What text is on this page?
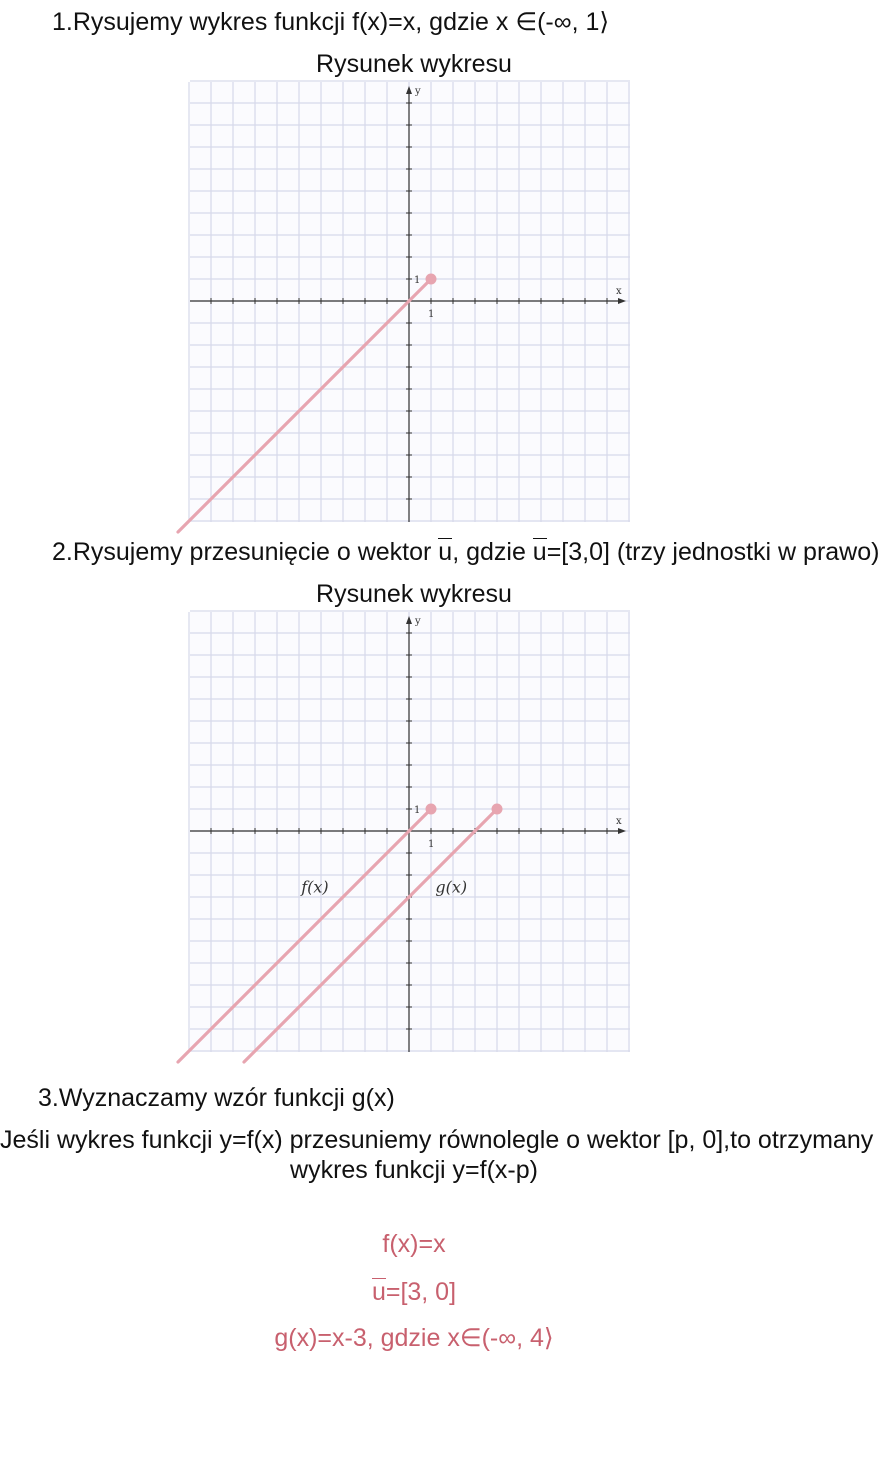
1.Rysujemy wykres funkcji f(x)=x, gdzie x ∈(-∞, 1⟩
Rysunek wykresu
x
y
1
1
2.Rysujemy przesunięcie o wektor u, gdzie u=[3,0] (trzy jednostki w prawo)
Rysunek wykresu
x
y
1
1
f(x)	g(x)
3.Wyznaczamy wzór funkcji g(x)
Jeśli wykres funkcji y=f(x) przesuniemy równolegle o wektor [p, 0],to otrzymany
wykres funkcji y=f(x-p)
f(x)=x
u=[3, 0]
g(x)=x-3, gdzie x∈(-∞, 4⟩
